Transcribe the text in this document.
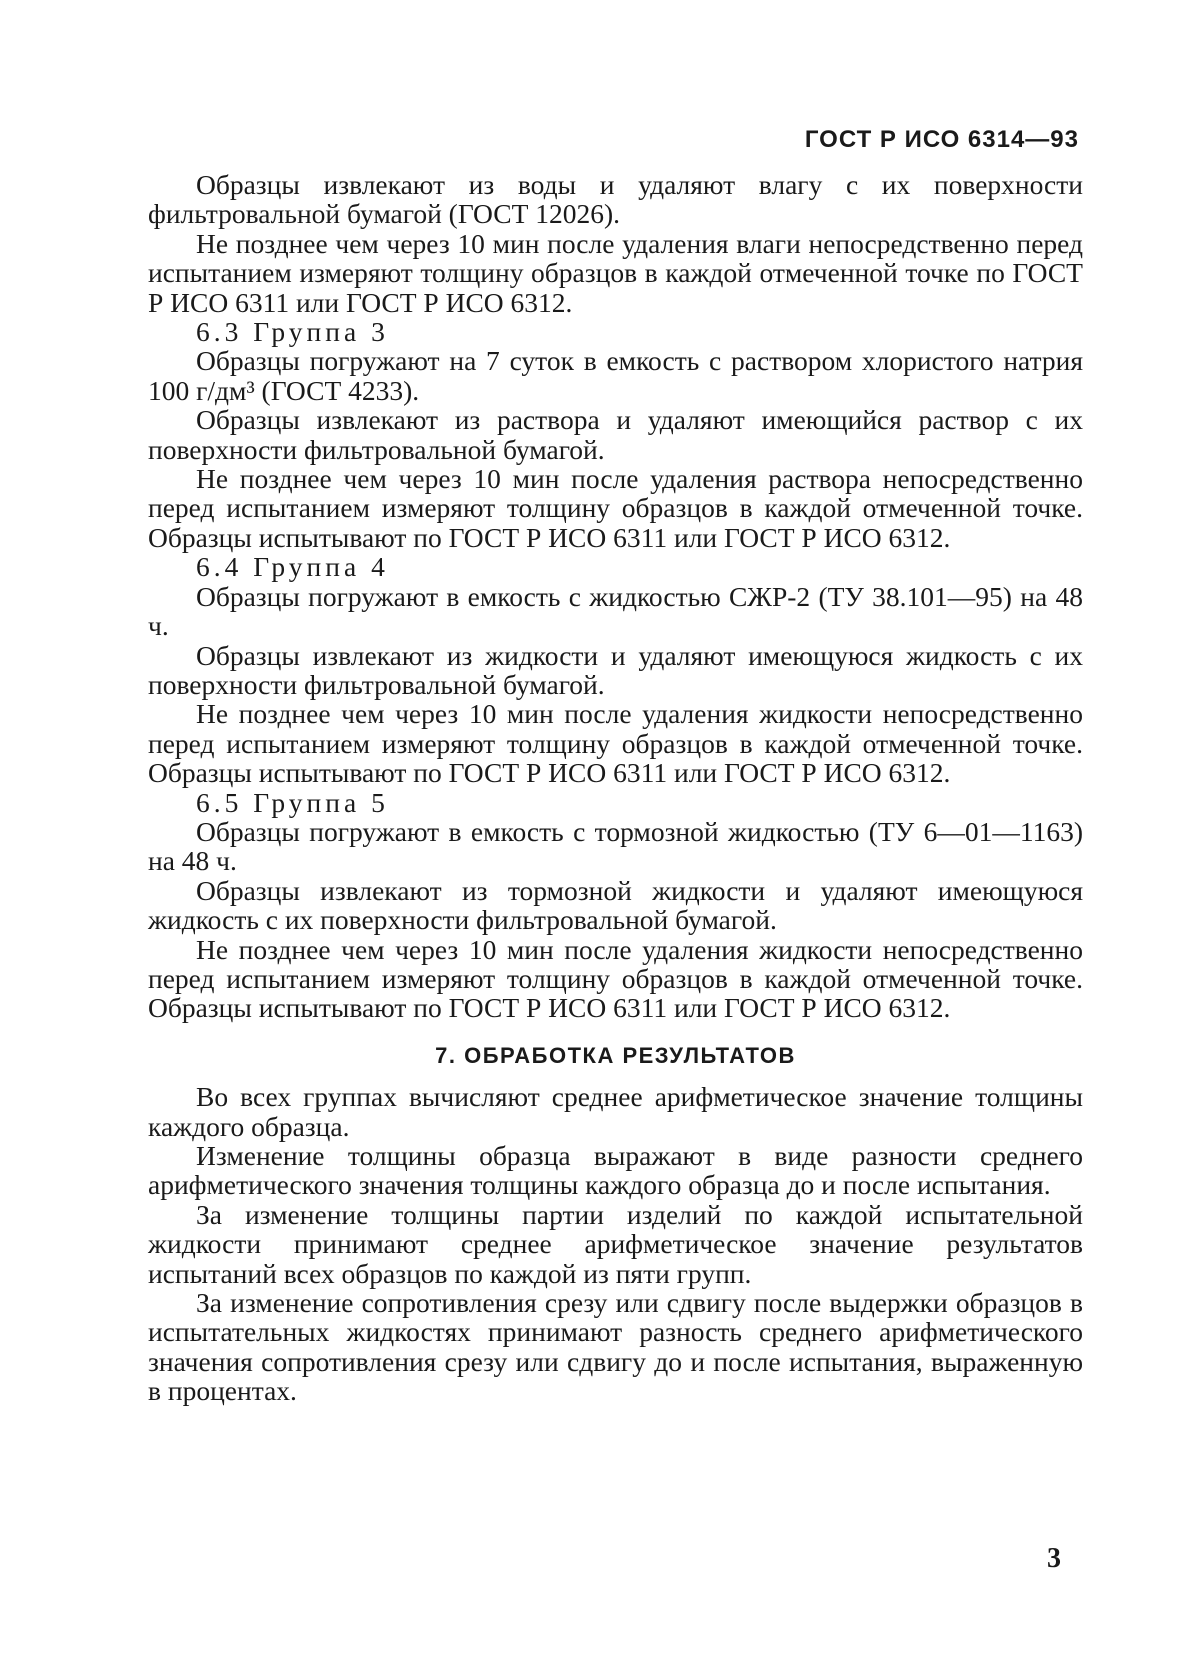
ГОСТ Р ИСО 6314—93

Образцы извлекают из воды и удаляют влагу с их поверхности фильтровальной бумагой (ГОСТ 12026).

Не позднее чем через 10 мин после удаления влаги непосредственно перед испытанием измеряют толщину образцов в каждой отмеченной точке по ГОСТ Р ИСО 6311 или ГОСТ Р ИСО 6312.

6.3 Группа 3

Образцы погружают на 7 суток в емкость с раствором хлористого натрия 100 г/дм³ (ГОСТ 4233).

Образцы извлекают из раствора и удаляют имеющийся раствор с их поверхности фильтровальной бумагой.

Не позднее чем через 10 мин после удаления раствора непосредственно перед испытанием измеряют толщину образцов в каждой отмеченной точке. Образцы испытывают по ГОСТ Р ИСО 6311 или ГОСТ Р ИСО 6312.

6.4 Группа 4

Образцы погружают в емкость с жидкостью СЖР-2 (ТУ 38.101—95) на 48 ч.

Образцы извлекают из жидкости и удаляют имеющуюся жидкость с их поверхности фильтровальной бумагой.

Не позднее чем через 10 мин после удаления жидкости непосредственно перед испытанием измеряют толщину образцов в каждой отмеченной точке. Образцы испытывают по ГОСТ Р ИСО 6311 или ГОСТ Р ИСО 6312.

6.5 Группа 5

Образцы погружают в емкость с тормозной жидкостью (ТУ 6—01—1163) на 48 ч.

Образцы извлекают из тормозной жидкости и удаляют имеющуюся жидкость с их поверхности фильтровальной бумагой.

Не позднее чем через 10 мин после удаления жидкости непосредственно перед испытанием измеряют толщину образцов в каждой отмеченной точке. Образцы испытывают по ГОСТ Р ИСО 6311 или ГОСТ Р ИСО 6312.

7. ОБРАБОТКА РЕЗУЛЬТАТОВ

Во всех группах вычисляют среднее арифметическое значение толщины каждого образца.

Изменение толщины образца выражают в виде разности среднего арифметического значения толщины каждого образца до и после испытания.

За изменение толщины партии изделий по каждой испытательной жидкости принимают среднее арифметическое значение результатов испытаний всех образцов по каждой из пяти групп.

За изменение сопротивления срезу или сдвигу после выдержки образцов в испытательных жидкостях принимают разность среднего арифметического значения сопротивления срезу или сдвигу до и после испытания, выраженную в процентах.

3
